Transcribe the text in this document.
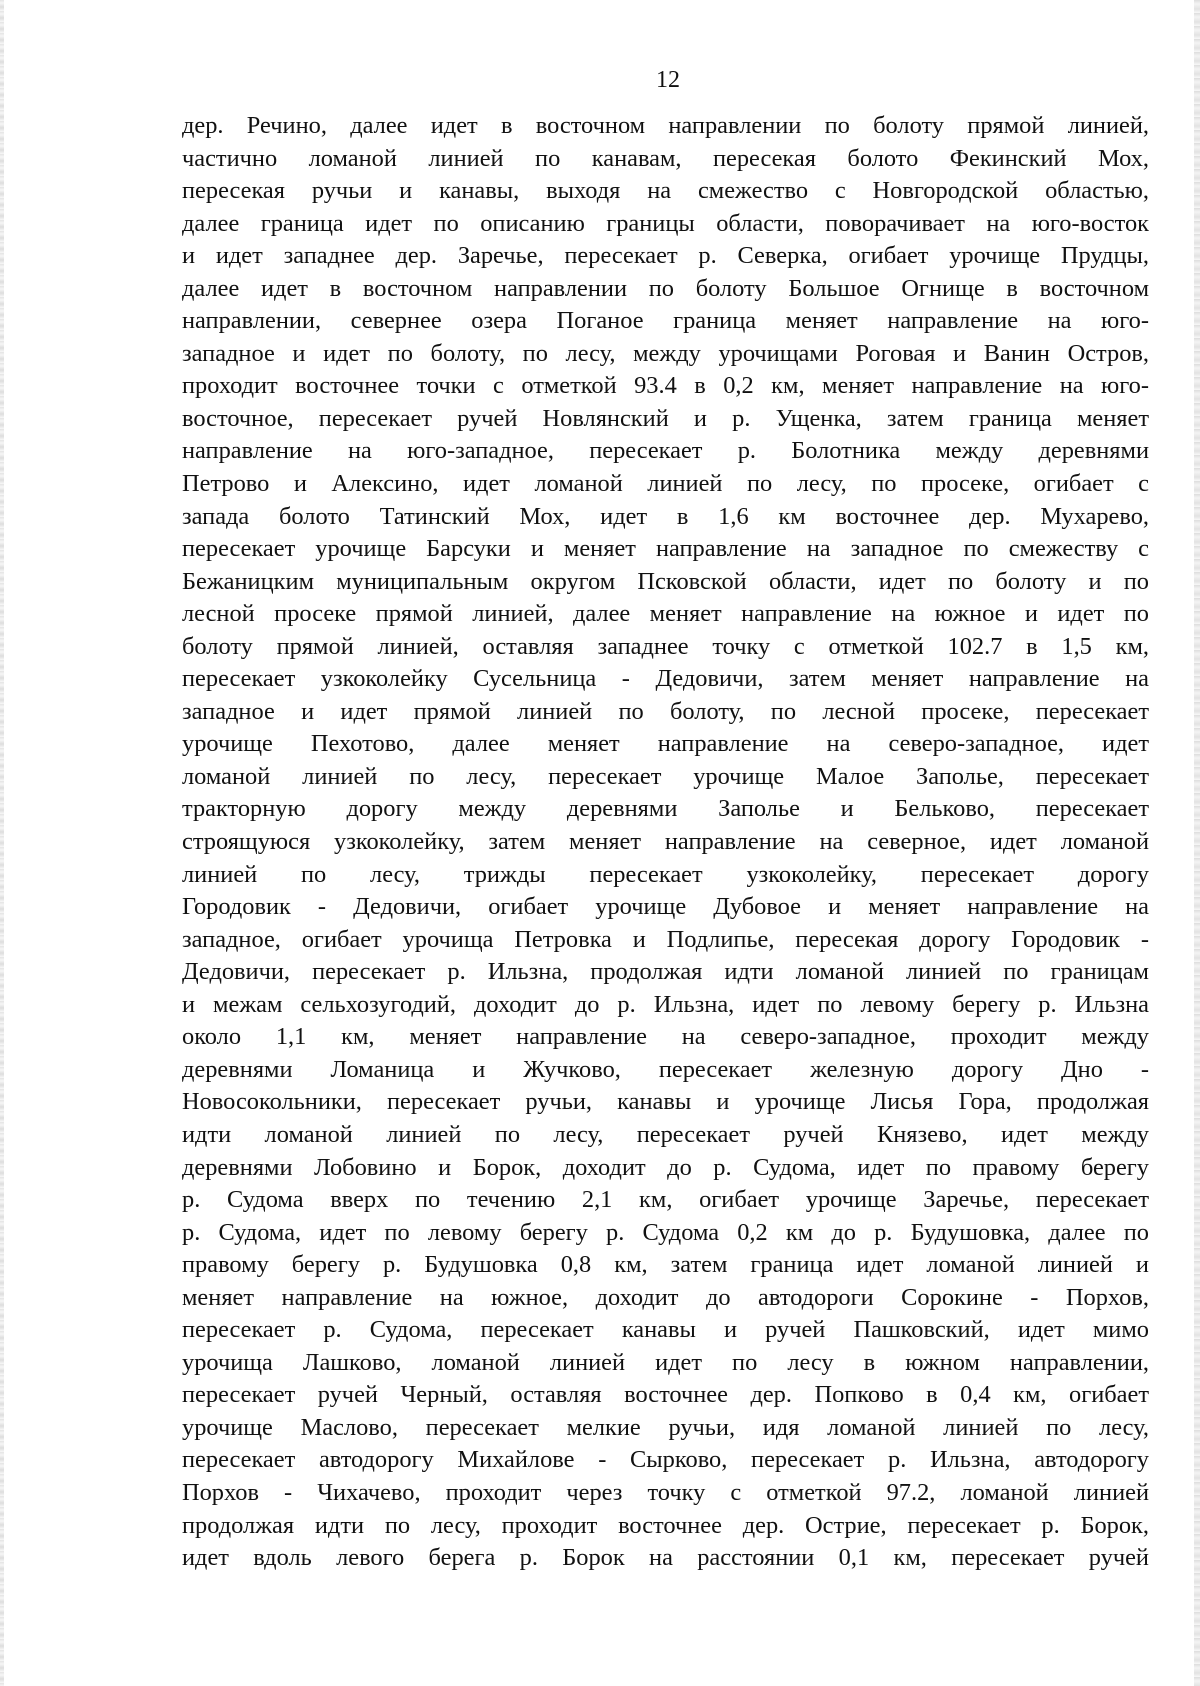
12
дер. Речино, далее идет в восточном направлении по болоту прямой линией,
частично ломаной линией по канавам, пересекая болото Фекинский Мох,
пересекая ручьи и канавы, выходя на смежество с Новгородской областью,
далее граница идет по описанию границы области, поворачивает на юго-восток
и идет западнее дер. Заречье, пересекает р. Северка, огибает урочище Прудцы,
далее идет в восточном направлении по болоту Большое Огнище в восточном
направлении, севернее озера Поганое граница меняет направление на юго-
западное и идет по болоту, по лесу, между урочищами Роговая и Ванин Остров,
проходит восточнее точки с отметкой 93.4 в 0,2 км, меняет направление на юго-
восточное, пересекает ручей Новлянский и р. Ущенка, затем граница меняет
направление на юго-западное, пересекает р. Болотника между деревнями
Петрово и Алексино, идет ломаной линией по лесу, по просеке, огибает с
запада болото Татинский Мох, идет в 1,6 км восточнее дер. Мухарево,
пересекает урочище Барсуки и меняет направление на западное по смежеству с
Бежаницким муниципальным округом Псковской области, идет по болоту и по
лесной просеке прямой линией, далее меняет направление на южное и идет по
болоту прямой линией, оставляя западнее точку с отметкой 102.7 в 1,5 км,
пересекает узкоколейку Сусельница - Дедовичи, затем меняет направление на
западное и идет прямой линией по болоту, по лесной просеке, пересекает
урочище Пехотово, далее меняет направление на северо-западное, идет
ломаной линией по лесу, пересекает урочище Малое Заполье, пересекает
тракторную дорогу между деревнями Заполье и Бельково, пересекает
строящуюся узкоколейку, затем меняет направление на северное, идет ломаной
линией по лесу, трижды пересекает узкоколейку, пересекает дорогу
Городовик - Дедовичи, огибает урочище Дубовое и меняет направление на
западное, огибает урочища Петровка и Подлипье, пересекая дорогу Городовик -
Дедовичи, пересекает р. Ильзна, продолжая идти ломаной линией по границам
и межам сельхозугодий, доходит до р. Ильзна, идет по левому берегу р. Ильзна
около 1,1 км, меняет направление на северо-западное, проходит между
деревнями Ломаница и Жучково, пересекает железную дорогу Дно -
Новосокольники, пересекает ручьи, канавы и урочище Лисья Гора, продолжая
идти ломаной линией по лесу, пересекает ручей Князево, идет между
деревнями Лобовино и Борок, доходит до р. Судома, идет по правому берегу
р. Судома вверх по течению 2,1 км, огибает урочище Заречье, пересекает
р. Судома, идет по левому берегу р. Судома 0,2 км до р. Будушовка, далее по
правому берегу р. Будушовка 0,8 км, затем граница идет ломаной линией и
меняет направление на южное, доходит до автодороги Сорокине - Порхов,
пересекает р. Судома, пересекает канавы и ручей Пашковский, идет мимо
урочища Лашково, ломаной линией идет по лесу в южном направлении,
пересекает ручей Черный, оставляя восточнее дер. Попково в 0,4 км, огибает
урочище Маслово, пересекает мелкие ручьи, идя ломаной линией по лесу,
пересекает автодорогу Михайлове - Сырково, пересекает р. Ильзна, автодорогу
Порхов - Чихачево, проходит через точку с отметкой 97.2, ломаной линией
продолжая идти по лесу, проходит восточнее дер. Острие, пересекает р. Борок,
идет вдоль левого берега р. Борок на расстоянии 0,1 км, пересекает ручей
